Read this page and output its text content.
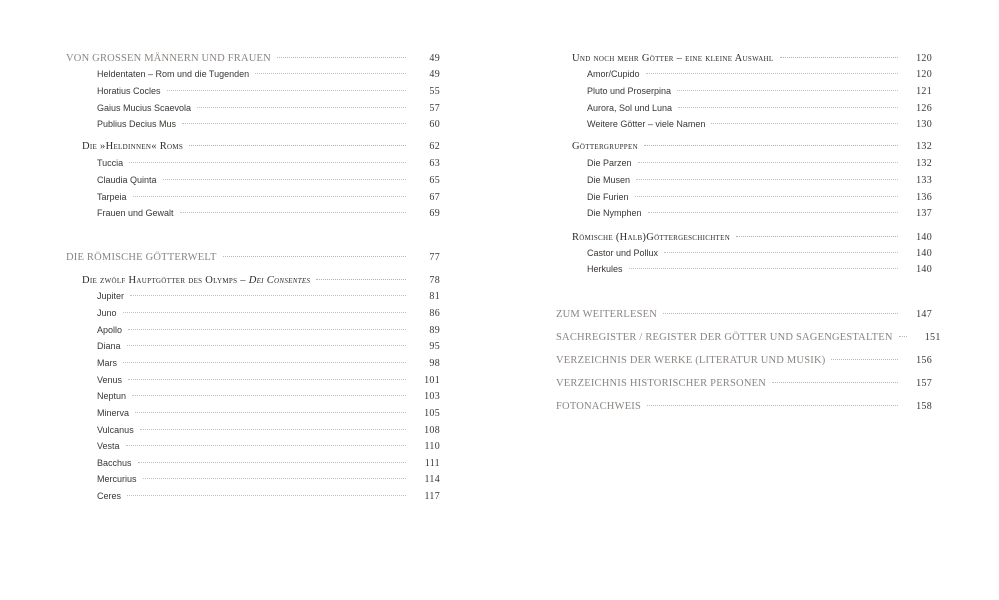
VON GROSSEN MÄNNERN UND FRAUEN	49
Heldentaten – Rom und die Tugenden	49
Horatius Cocles	55
Gaius Mucius Scaevola	57
Publius Decius Mus	60
Die »Heldinnen« Roms	62
Tuccia	63
Claudia Quinta	65
Tarpeia	67
Frauen und Gewalt	69
DIE RÖMISCHE GÖTTERWELT	77
Die zwölf Hauptgötter des Olymps – Dei Consentes	78
Jupiter	81
Juno	86
Apollo	89
Diana	95
Mars	98
Venus	101
Neptun	103
Minerva	105
Vulcanus	108
Vesta	110
Bacchus	111
Mercurius	114
Ceres	117
Und noch mehr Götter – eine kleine Auswahl	120
Amor/Cupido	120
Pluto und Proserpina	121
Aurora, Sol und Luna	126
Weitere Götter – viele Namen	130
Göttergruppen	132
Die Parzen	132
Die Musen	133
Die Furien	136
Die Nymphen	137
Römische (Halb)Göttergeschichten	140
Castor und Pollux	140
Herkules	140
ZUM WEITERLESEN	147
SACHREGISTER / REGISTER DER GÖTTER UND SAGENGESTALTEN	151
VERZEICHNIS DER WERKE (LITERATUR UND MUSIK)	156
VERZEICHNIS HISTORISCHER PERSONEN	157
FOTONACHWEIS	158
